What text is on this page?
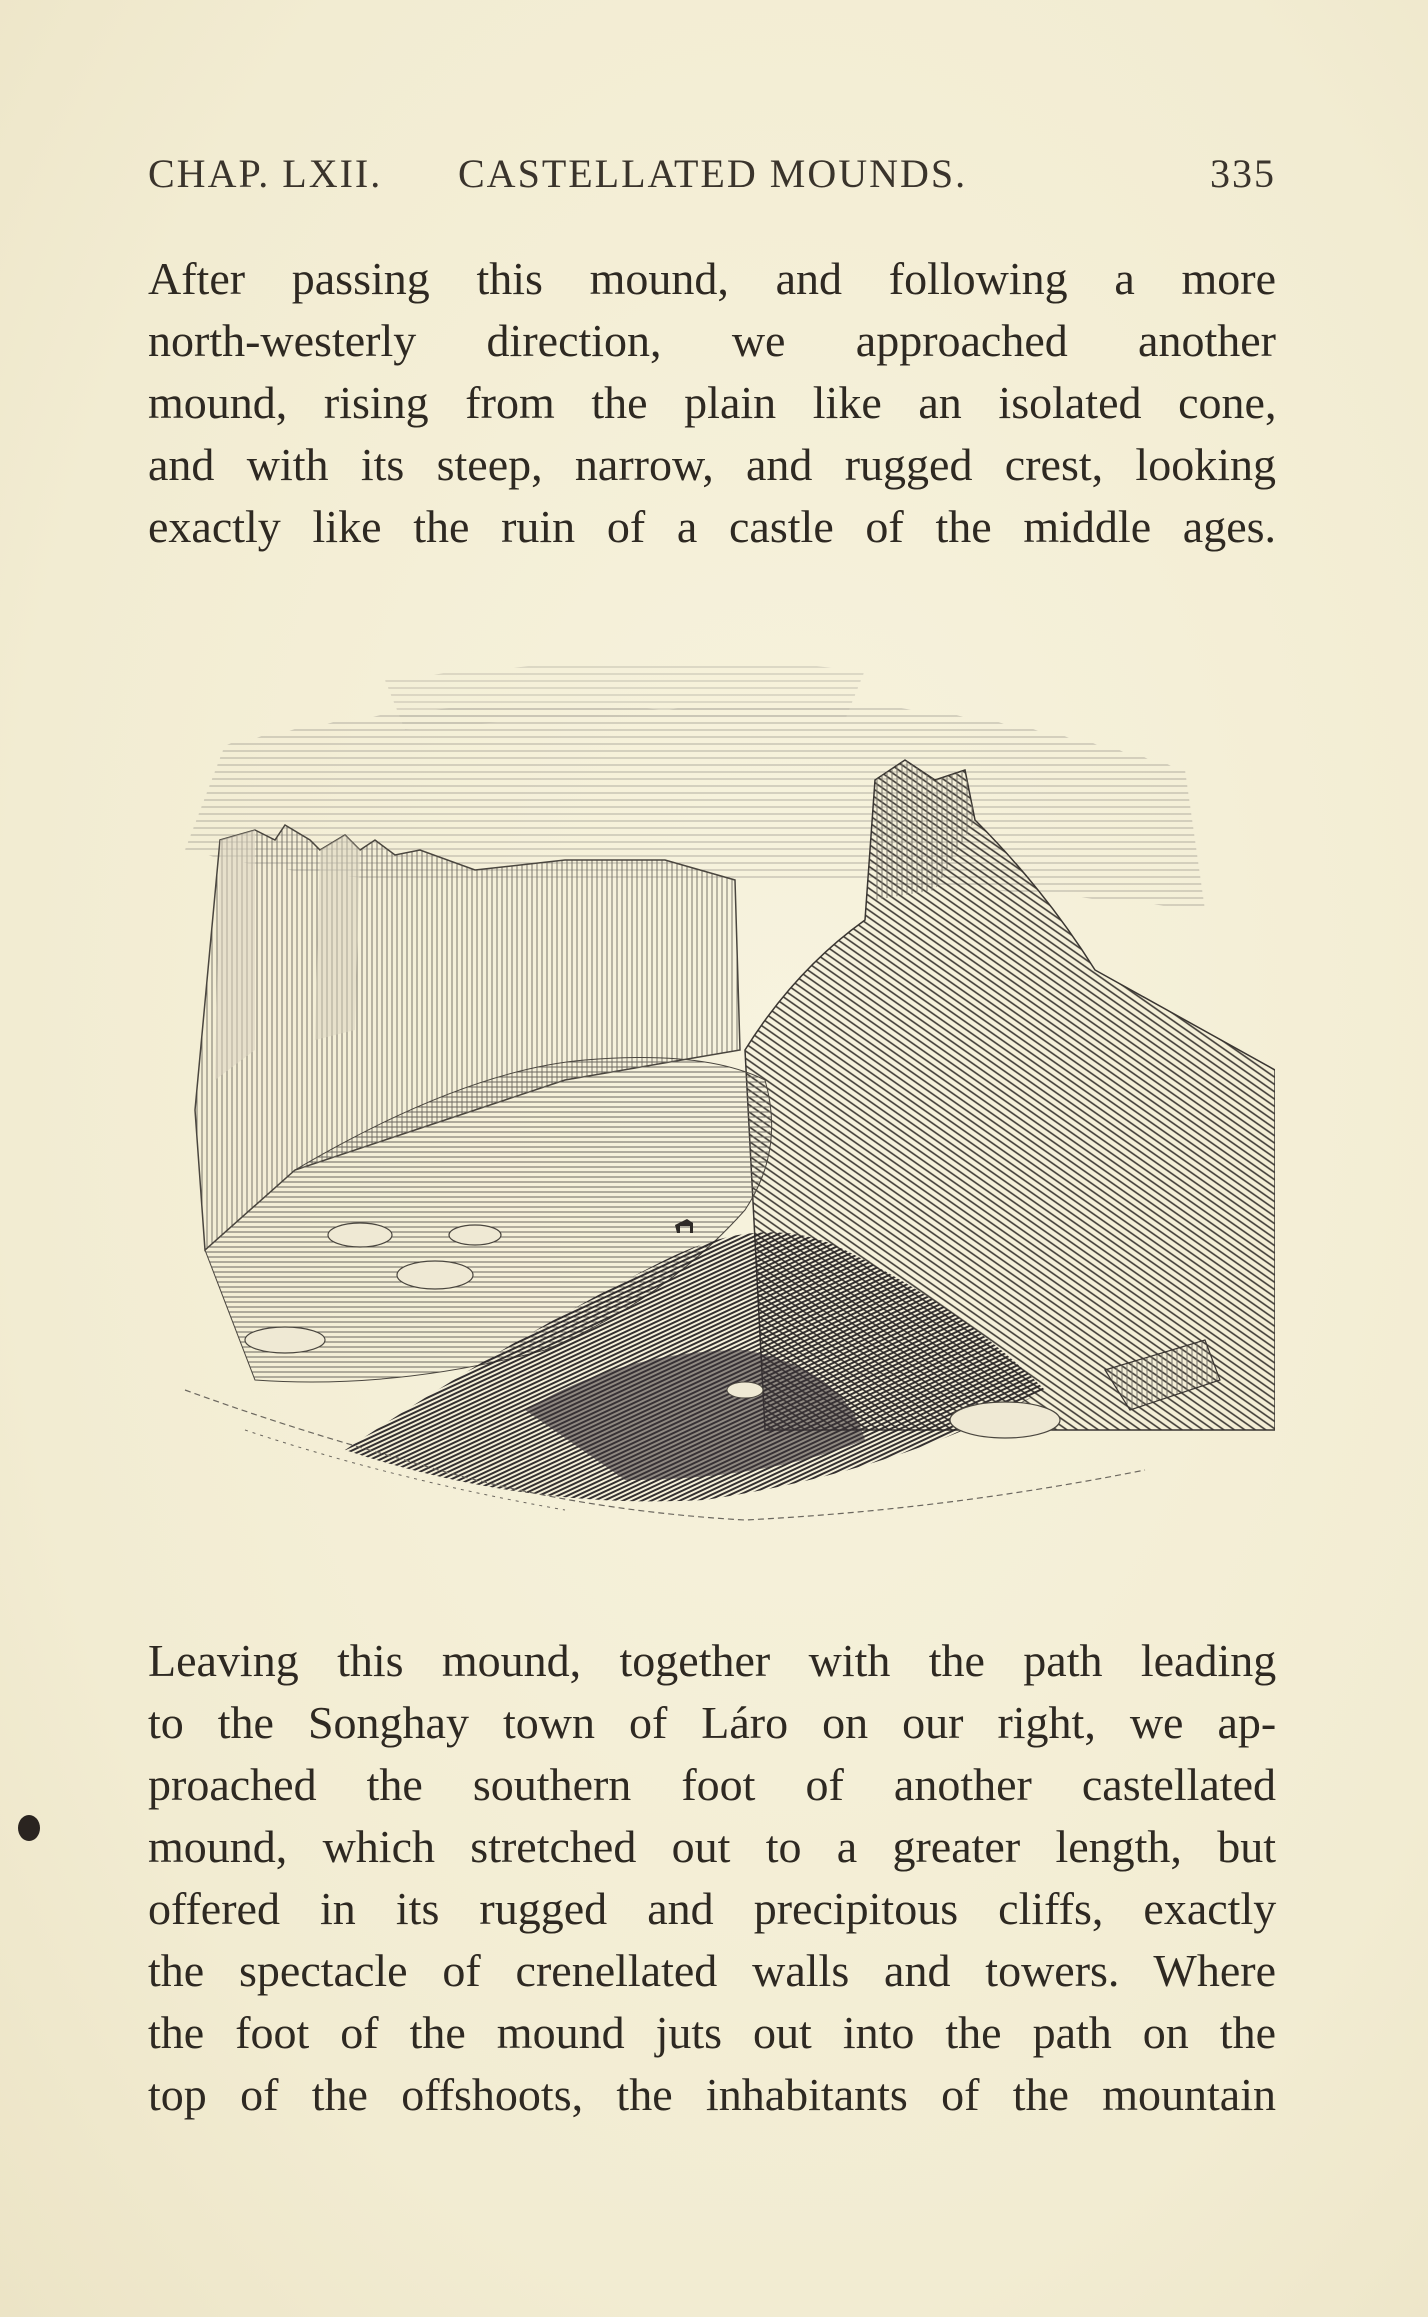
CHAP. LXII. CASTELLATED MOUNDS.	335
After passing this mound, and following a more
north-westerly direction, we approached another
mound, rising from the plain like an isolated cone,
and with its steep, narrow, and rugged crest, looking
exactly like the ruin of a castle of the middle ages.
Leaving this mound, together with the path leading
to the Songhay town of Láro on our right, we ap-
proached the southern foot of another castellated
mound, which stretched out to a greater length, but
offered in its rugged and precipitous cliffs, exactly
the spectacle of crenellated walls and towers. Where
the foot of the mound juts out into the path on the
top of the offshoots, the inhabitants of the mountain
